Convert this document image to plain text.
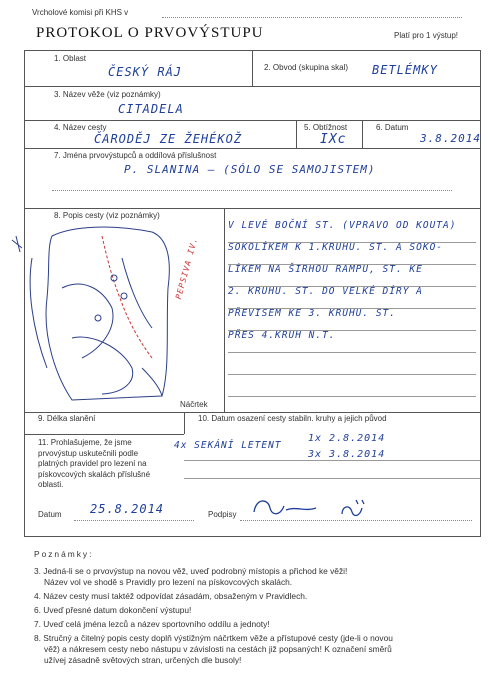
Vrcholové komisi při KHS v
PROTOKOL O PRVOVÝSTUPU	Platí pro 1 výstup!
1. Oblast
ČESKÝ RÁJ	2. Obvod (skupina skal) BETLÉMKY
3. Název věže (viz poznámky)
CITADELA
4. Název cesty
ČARODĚJ ZE ŽEHÉKOŽ
5. Obtížnost
IXc
6. Datum
3.8.2014
7. Jména prvovýstupců a oddílová příslušnost
P. SLANINA — (SÓLO SE SAMOJISTEM)
8. Popis cesty (viz poznámky)
PEPSIVA IV.
Náčrtek
V LEVÉ BOČNÍ ST. (VPRAVO OD KOUTA)
SOKOLÍKEM K 1.KRUHU. ST. A SOKO-
LÍKEM NA ŠIRHOU RAMPU, ST. KE
2. KRUHU. ST. DO VELKÉ DÍRY A
PŘEVISEM KE 3. KRUHU. ST.
PŘES 4.KRUH N.T.
9. Délka slanění	10. Datum osazení cesty stabiln. kruhy a jejich původ
4x SEKÁNÍ LETENT
1x 2.8.2014
3x 3.8.2014
11. Prohlašujeme, že jsme prvovýstup uskutečnili podle platných pravidel pro lezení na pískovcových skalách příslušné oblasti.
Datum 25.8.2014	Podpisy
Poznámky:
3. Jedná-li se o prvovýstup na novou věž, uveď podrobný místopis a přichod ke věži!
Název vol ve shodě s Pravidly pro lezení na pískovcových skalách.
4. Název cesty musí taktéž odpovídat zásadám, obsaženým v Pravidlech.
6. Uveď přesné datum dokončení výstupu!
7. Uveď celá jména lezců a název sportovního oddílu a jednoty!
8. Stručný a čitelný popis cesty doplň výstižným náčrtkem věže a přístupové cesty (jde-li o novou
věž) a nákresem cesty nebo nástupu v závislosti na cestách již popsaných! K označení směrů
užívej zásadně světových stran, určených dle busoly!
